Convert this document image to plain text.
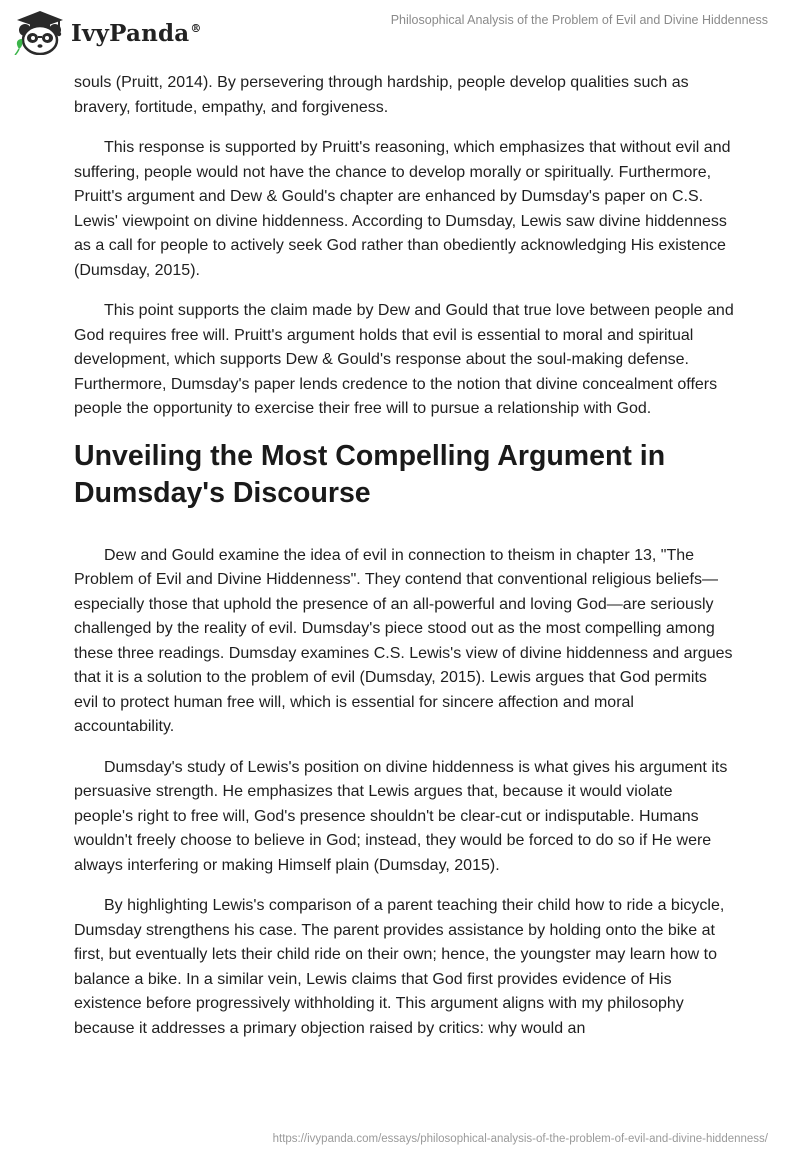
IvyPanda®
Philosophical Analysis of the Problem of Evil and Divine Hiddenness

souls (Pruitt, 2014). By persevering through hardship, people develop qualities such as bravery, fortitude, empathy, and forgiveness.

This response is supported by Pruitt's reasoning, which emphasizes that without evil and suffering, people would not have the chance to develop morally or spiritually. Furthermore, Pruitt's argument and Dew & Gould's chapter are enhanced by Dumsday's paper on C.S. Lewis' viewpoint on divine hiddenness. According to Dumsday, Lewis saw divine hiddenness as a call for people to actively seek God rather than obediently acknowledging His existence (Dumsday, 2015).

This point supports the claim made by Dew and Gould that true love between people and God requires free will. Pruitt's argument holds that evil is essential to moral and spiritual development, which supports Dew & Gould's response about the soul-making defense. Furthermore, Dumsday's paper lends credence to the notion that divine concealment offers people the opportunity to exercise their free will to pursue a relationship with God.

Unveiling the Most Compelling Argument in Dumsday's Discourse

Dew and Gould examine the idea of evil in connection to theism in chapter 13, "The Problem of Evil and Divine Hiddenness". They contend that conventional religious beliefs—especially those that uphold the presence of an all-powerful and loving God—are seriously challenged by the reality of evil. Dumsday's piece stood out as the most compelling among these three readings. Dumsday examines C.S. Lewis's view of divine hiddenness and argues that it is a solution to the problem of evil (Dumsday, 2015). Lewis argues that God permits evil to protect human free will, which is essential for sincere affection and moral accountability.

Dumsday's study of Lewis's position on divine hiddenness is what gives his argument its persuasive strength. He emphasizes that Lewis argues that, because it would violate people's right to free will, God's presence shouldn't be clear-cut or indisputable. Humans wouldn't freely choose to believe in God; instead, they would be forced to do so if He were always interfering or making Himself plain (Dumsday, 2015).

By highlighting Lewis's comparison of a parent teaching their child how to ride a bicycle, Dumsday strengthens his case. The parent provides assistance by holding onto the bike at first, but eventually lets their child ride on their own; hence, the youngster may learn how to balance a bike. In a similar vein, Lewis claims that God first provides evidence of His existence before progressively withholding it. This argument aligns with my philosophy because it addresses a primary objection raised by critics: why would an

https://ivypanda.com/essays/philosophical-analysis-of-the-problem-of-evil-and-divine-hiddenness/
